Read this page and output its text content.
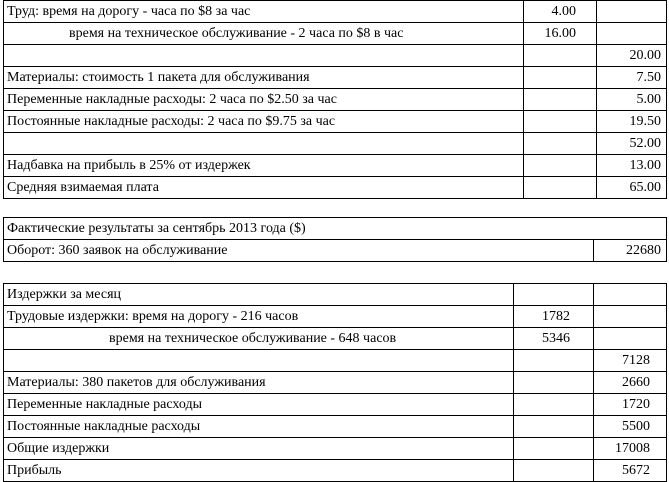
Труд: время на дорогу - часа по $8 за час	4.00	
время на техническое обслуживание - 2 часа по $8 в час	16.00	
		20.00
Материалы: стоимость 1 пакета для обслуживания		7.50
Переменные накладные расходы: 2 часа по $2.50 за час		5.00
Постоянные накладные расходы: 2 часа по $9.75 за час		19.50
		52.00
Надбавка на прибыль в 25% от издержек		13.00
Средняя взимаемая плата		65.00
Фактические результаты за сентябрь 2013 года ($)
Оборот: 360 заявок на обслуживание	22680
Издержки за месяц		
Трудовые издержки: время на дорогу - 216 часов	1782	
время на техническое обслуживание - 648 часов	5346	
		7128
Материалы: 380 пакетов для обслуживания		2660
Переменные накладные расходы		1720
Постоянные накладные расходы		5500
Общие издержки		17008
Прибыль		5672
